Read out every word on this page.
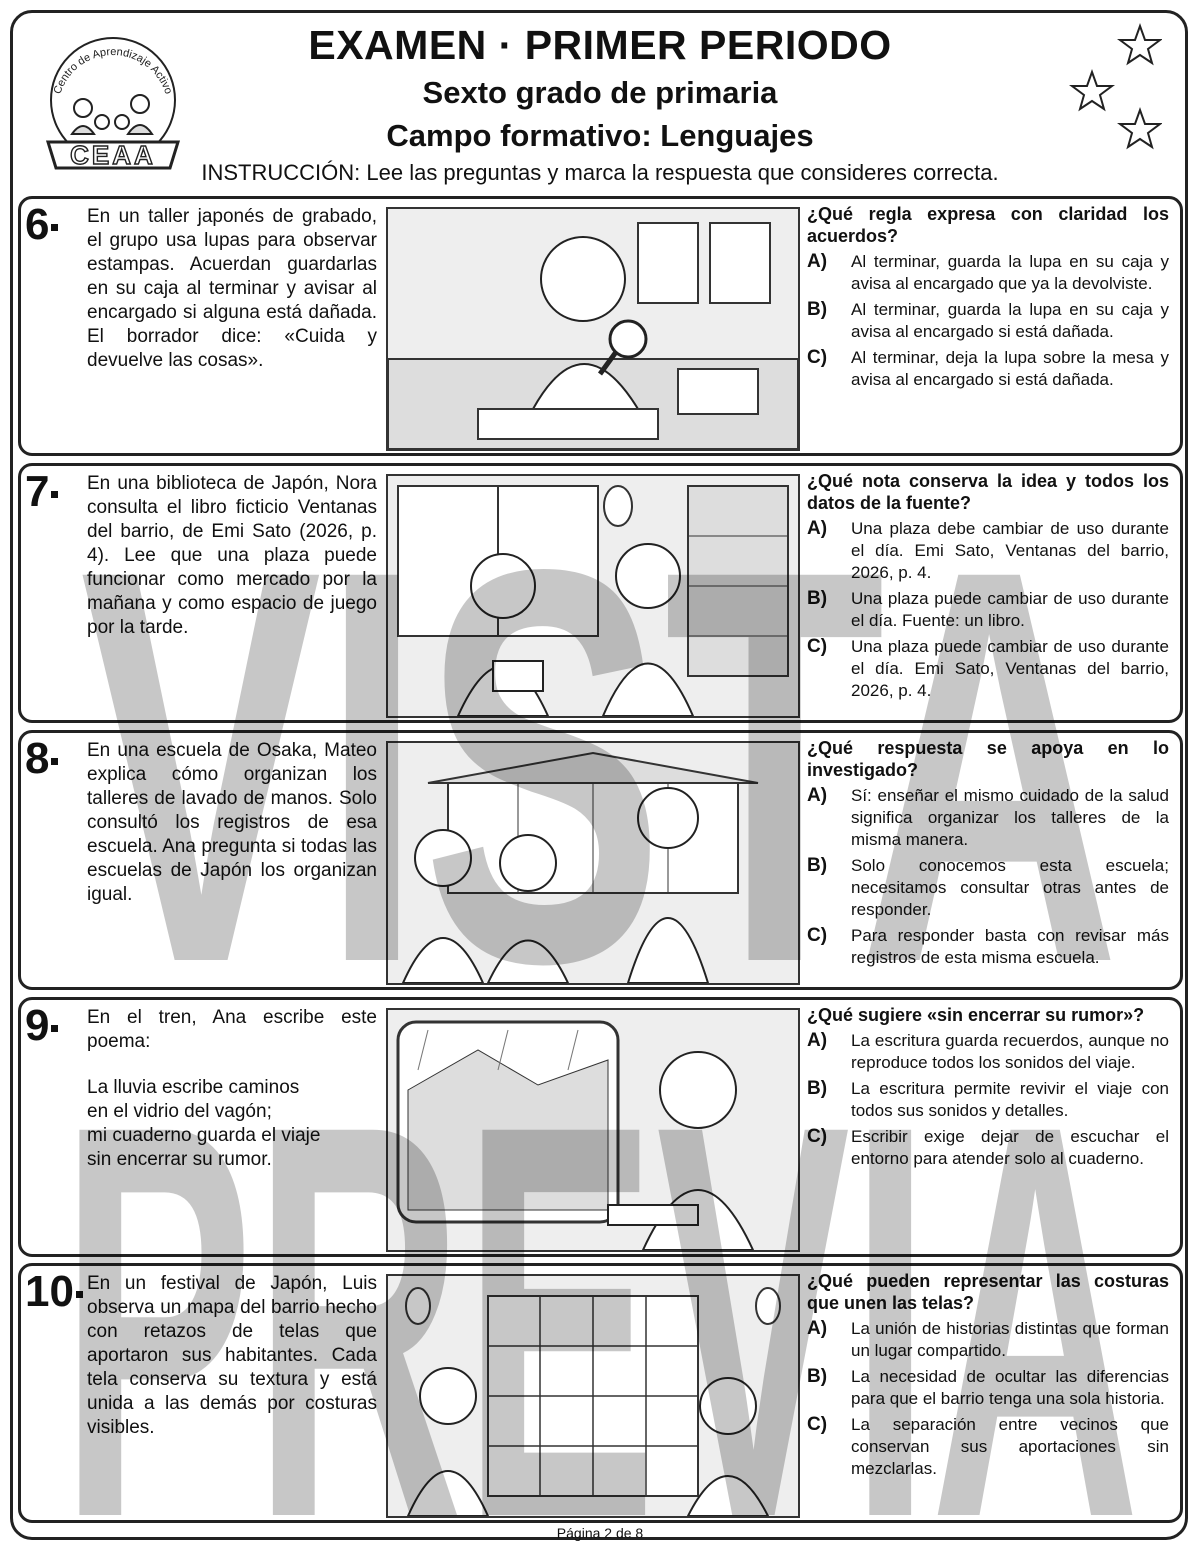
Centro de Aprendizaje Activo
CEAA
EXAMEN · PRIMER PERIODO
Sexto grado de primaria
Campo formativo: Lenguajes
INSTRUCCIÓN: Lee las preguntas y marca la respuesta que consideres correcta.
6	En un taller japonés de grabado, el grupo usa lupas para observar estampas. Acuerdan guardarlas en su caja al terminar y avisar al encargado si alguna está dañada. El borrador dice: «Cuida y devuelve las cosas».
¿Qué regla expresa con claridad los acuerdos?
A) Al terminar, guarda la lupa en su caja y avisa al encargado que ya la devolviste.
B) Al terminar, guarda la lupa en su caja y avisa al encargado si está dañada.
C) Al terminar, deja la lupa sobre la mesa y avisa al encargado si está dañada.
7	En una biblioteca de Japón, Nora consulta el libro ficticio Ventanas del barrio, de Emi Sato (2026, p. 4). Lee que una plaza puede funcionar como mercado por la mañana y como espacio de juego por la tarde.
¿Qué nota conserva la idea y todos los datos de la fuente?
A) Una plaza debe cambiar de uso durante el día. Emi Sato, Ventanas del barrio, 2026, p. 4.
B) Una plaza puede cambiar de uso durante el día. Fuente: un libro.
C) Una plaza puede cambiar de uso durante el día. Emi Sato, Ventanas del barrio, 2026, p. 4.
8	En una escuela de Osaka, Mateo explica cómo organizan los talleres de lavado de manos. Solo consultó los registros de esa escuela. Ana pregunta si todas las escuelas de Japón los organizan igual.
¿Qué respuesta se apoya en lo investigado?
A) Sí: enseñar el mismo cuidado de la salud significa organizar los talleres de la misma manera.
B) Solo conocemos esta escuela; necesitamos consultar otras antes de responder.
C) Para responder basta con revisar más registros de esta misma escuela.
9	En el tren, Ana escribe este poema:
La lluvia escribe caminos
en el vidrio del vagón;
mi cuaderno guarda el viaje
sin encerrar su rumor.
¿Qué sugiere «sin encerrar su rumor»?
A) La escritura guarda recuerdos, aunque no reproduce todos los sonidos del viaje.
B) La escritura permite revivir el viaje con todos sus sonidos y detalles.
C) Escribir exige dejar de escuchar el entorno para atender solo al cuaderno.
10 En un festival de Japón, Luis observa un mapa del barrio hecho con retazos de telas que aportaron sus habitantes. Cada tela conserva su textura y está unida a las demás por costuras visibles.
¿Qué pueden representar las costuras que unen las telas?
A) La unión de historias distintas que forman un lugar compartido.
B) La necesidad de ocultar las diferencias para que el barrio tenga una sola historia.
C) La separación entre vecinos que conservan sus aportaciones sin mezclarlas.
VISTA
PREVIA
Página 2 de 8
